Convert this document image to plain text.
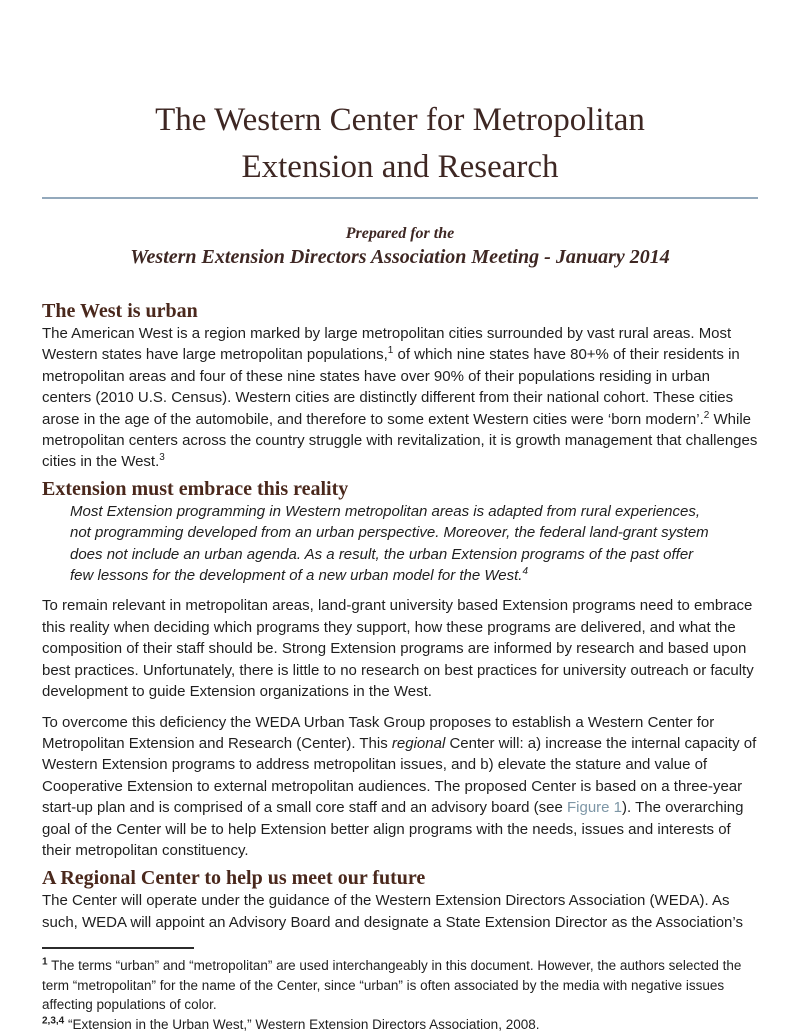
The Western Center for Metropolitan
Extension and Research
Prepared for the
Western Extension Directors Association Meeting - January 2014
The West is urban

The American West is a region marked by large metropolitan cities surrounded by vast rural areas. Most Western states have large metropolitan populations,$^1$ of which nine states have 80+% of their residents in metropolitan areas and four of these nine states have over 90% of their populations residing in urban centers (2010 U.S. Census). Western cities are distinctly different from their national cohort. These cities arose in the age of the automobile, and therefore to some extent Western cities were ‘born modern’.$^2$ While metropolitan centers across the country struggle with revitalization, it is growth management that challenges cities in the West.$^3$

Extension must embrace this reality
Most Extension programming in Western metropolitan areas is adapted from rural experiences, not programming developed from an urban perspective. Moreover, the federal land-grant system does not include an urban agenda. As a result, the urban Extension programs of the past offer few lessons for the development of a new urban model for the West.$^4$

To remain relevant in metropolitan areas, land-grant university based Extension programs need to embrace this reality when deciding which programs they support, how these programs are delivered, and what the composition of their staff should be. Strong Extension programs are informed by research and based upon best practices. Unfortunately, there is little to no research on best practices for university outreach or faculty development to guide Extension organizations in the West.

To overcome this deficiency the WEDA Urban Task Group proposes to establish a Western Center for Metropolitan Extension and Research (Center). This regional Center will: a) increase the internal capacity of Western Extension programs to address metropolitan issues, and b) elevate the stature and value of Cooperative Extension to external metropolitan audiences. The proposed Center is based on a three-year start-up plan and is comprised of a small core staff and an advisory board (see Figure 1). The overarching goal of the Center will be to help Extension better align programs with the needs, issues and interests of their metropolitan constituency.

A Regional Center to help us meet our future

The Center will operate under the guidance of the Western Extension Directors Association (WEDA). As such, WEDA will appoint an Advisory Board and designate a State Extension Director as the Association’s

$^1$ The terms “urban” and “metropolitan” are used interchangeably in this document. However, the authors selected the term “metropolitan” for the name of the Center, since “urban” is often associated by the media with negative issues affecting populations of color.

$^{2,3,4}$ “Extension in the Urban West,” Western Extension Directors Association, 2008.
